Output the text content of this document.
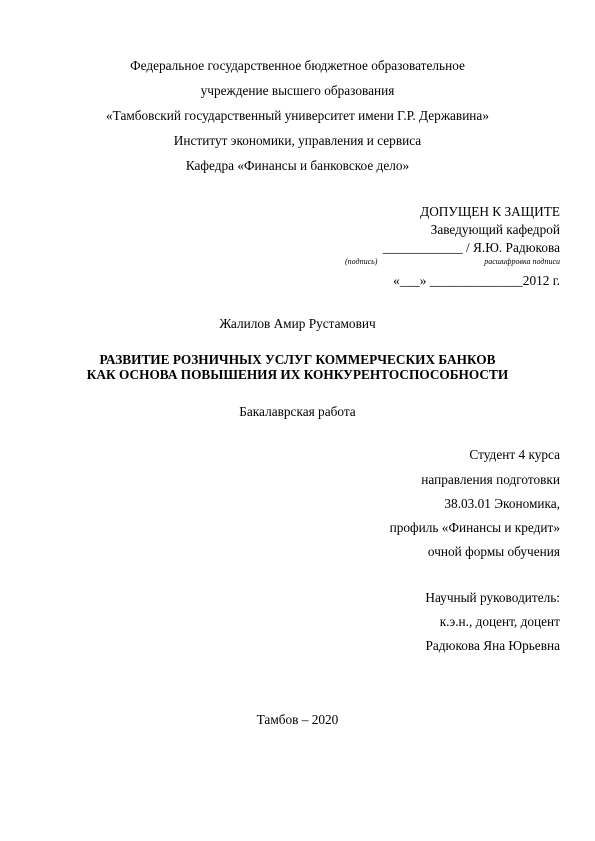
Федеральное государственное бюджетное образовательное
учреждение высшего образования
«Тамбовский государственный университет имени Г.Р. Державина»
Институт экономики, управления и сервиса
Кафедра «Финансы и банковское дело»
ДОПУЩЕН К ЗАЩИТЕ
Заведующий кафедрой
____________ / Я.Ю. Радюкова
(подпись)	расшифровка подписи
«___» ______________2012 г.
Жалилов Амир Рустамович
РАЗВИТИЕ РОЗНИЧНЫХ УСЛУГ КОММЕРЧЕСКИХ БАНКОВ
КАК ОСНОВА ПОВЫШЕНИЯ ИХ КОНКУРЕНТОСПОСОБНОСТИ
Бакалаврская работа
Студент 4 курса
направления подготовки
38.03.01 Экономика,
профиль «Финансы и кредит»
очной формы обучения
Научный руководитель:
к.э.н., доцент, доцент
Радюкова Яна Юрьевна
Тамбов – 2020
